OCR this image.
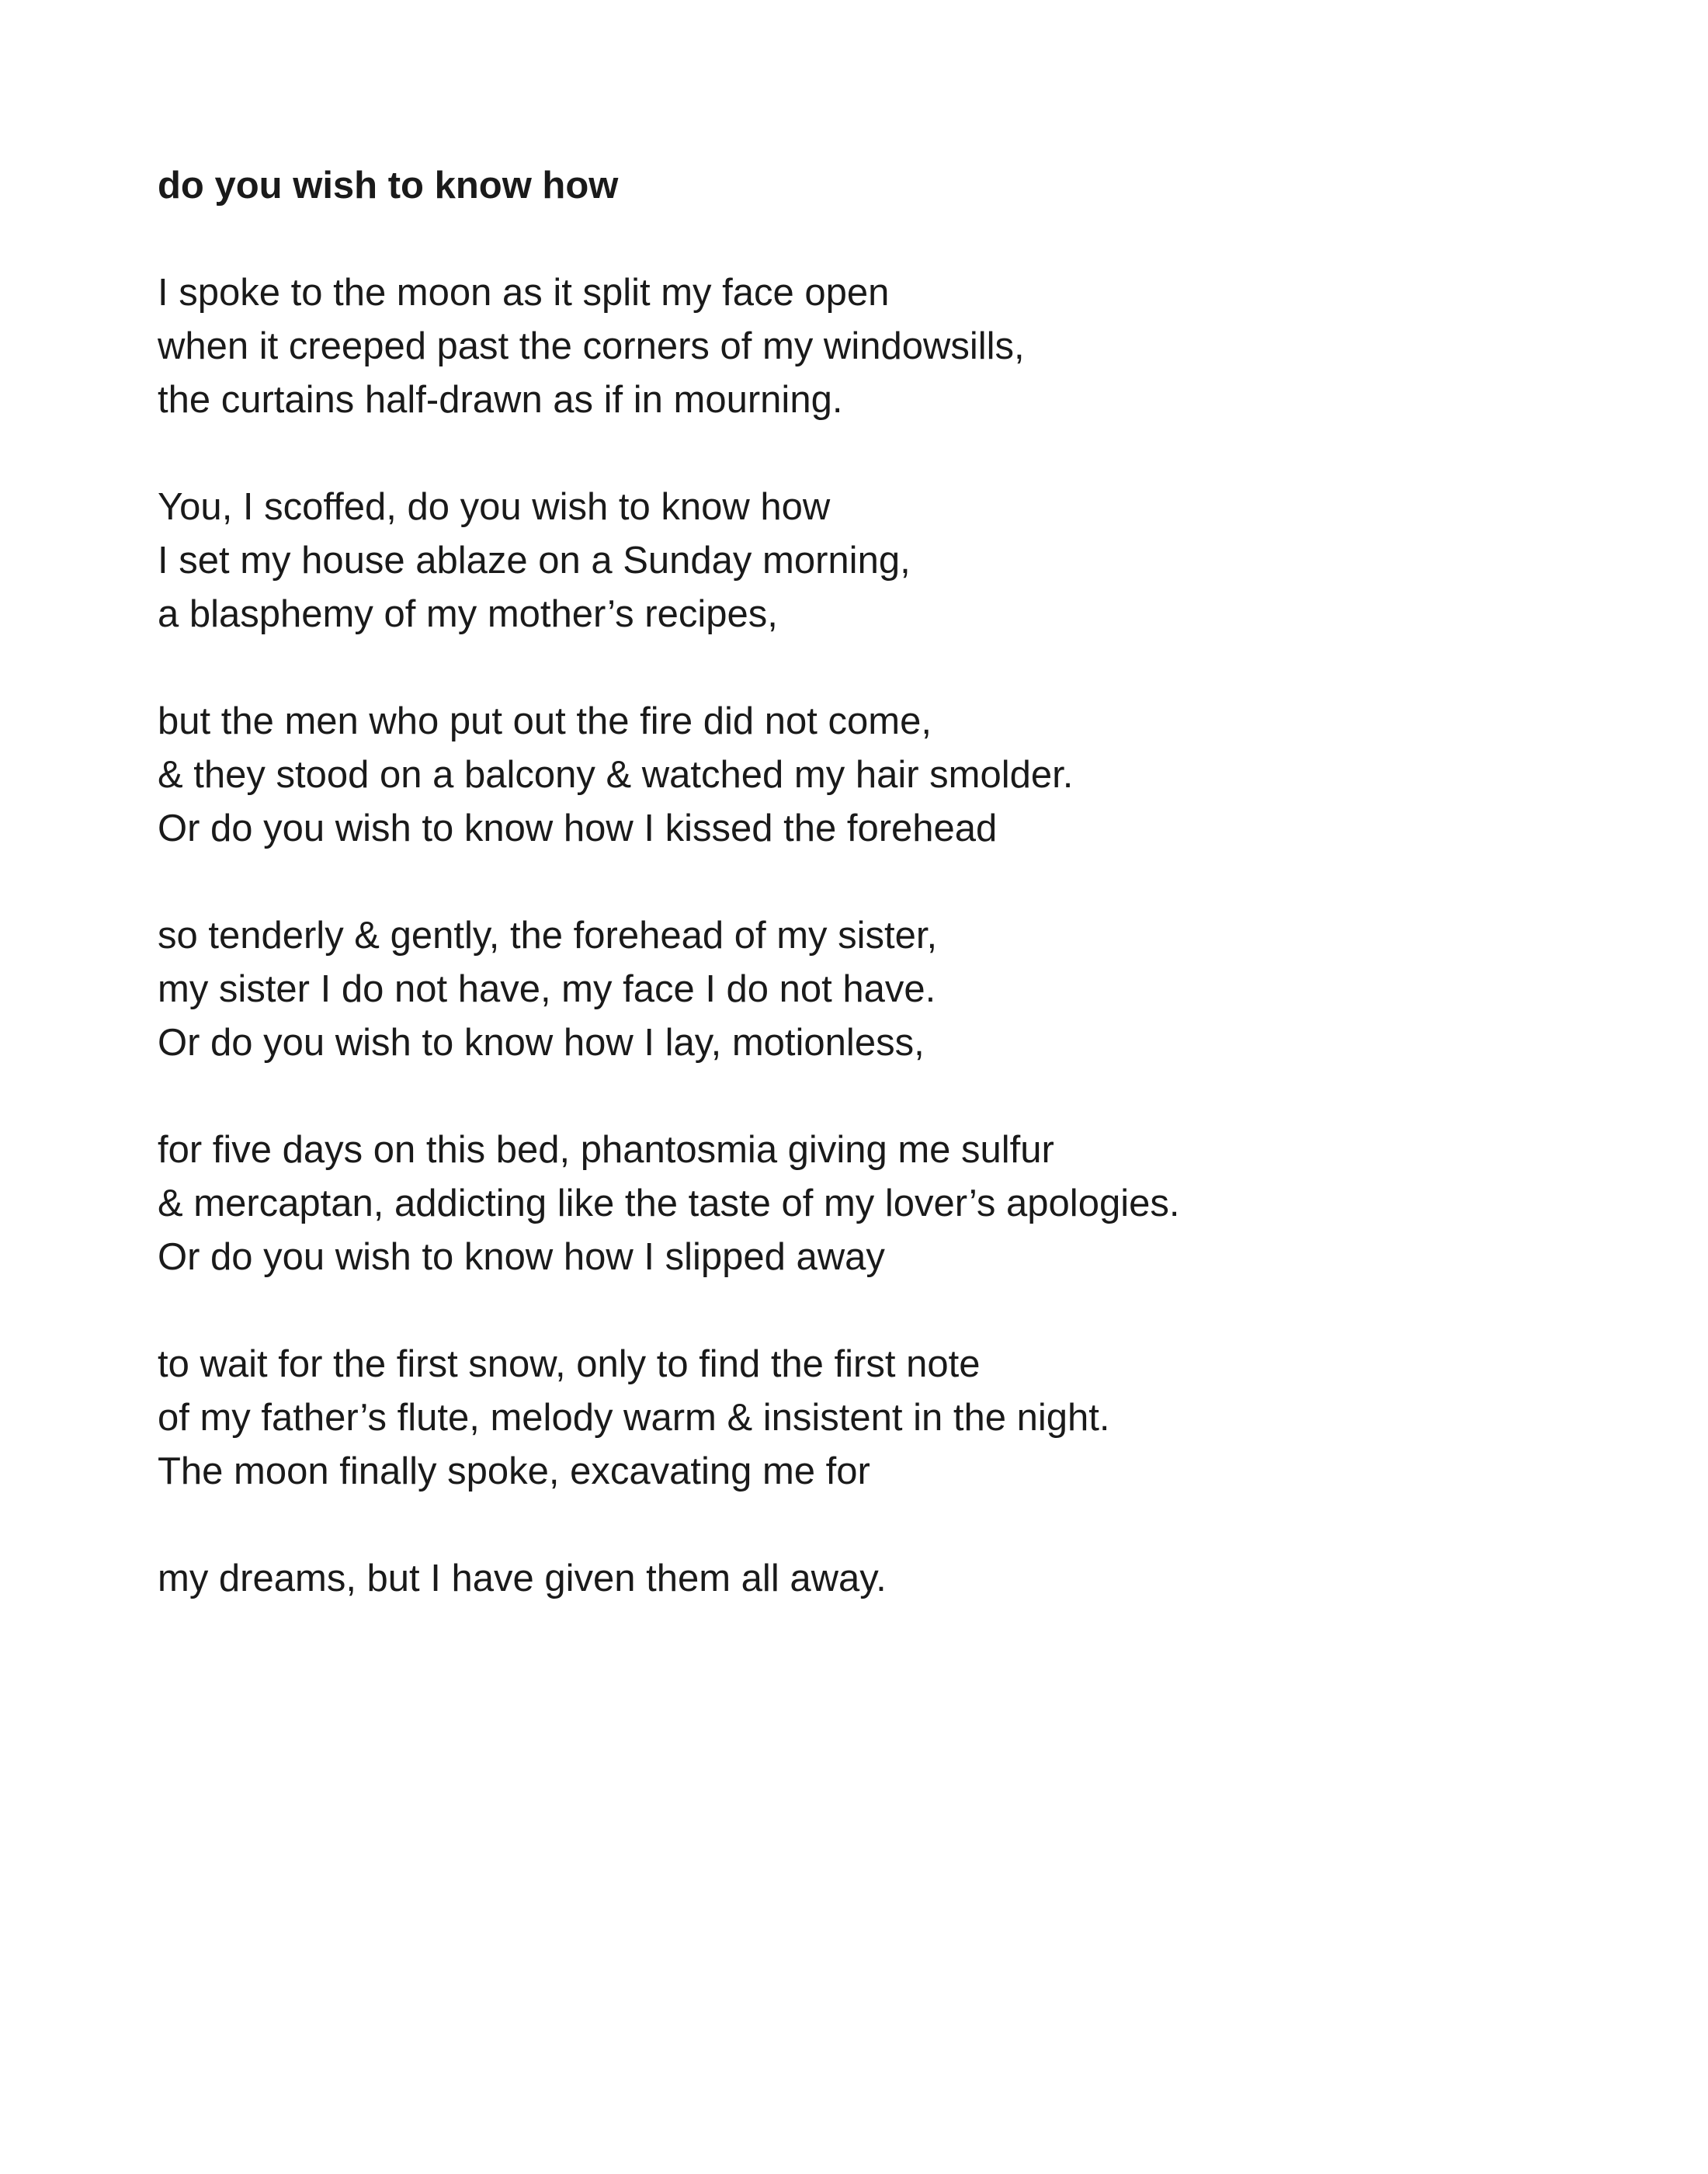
do you wish to know how
I spoke to the moon as it split my face open
when it creeped past the corners of my windowsills,
the curtains half-drawn as if in mourning.
You, I scoffed, do you wish to know how
I set my house ablaze on a Sunday morning,
a blasphemy of my mother’s recipes,
but the men who put out the fire did not come,
& they stood on a balcony & watched my hair smolder.
Or do you wish to know how I kissed the forehead
so tenderly & gently, the forehead of my sister,
my sister I do not have, my face I do not have.
Or do you wish to know how I lay, motionless,
for five days on this bed, phantosmia giving me sulfur
& mercaptan, addicting like the taste of my lover’s apologies.
Or do you wish to know how I slipped away
to wait for the first snow, only to find the first note
of my father’s flute, melody warm & insistent in the night.
The moon finally spoke, excavating me for
my dreams, but I have given them all away.
